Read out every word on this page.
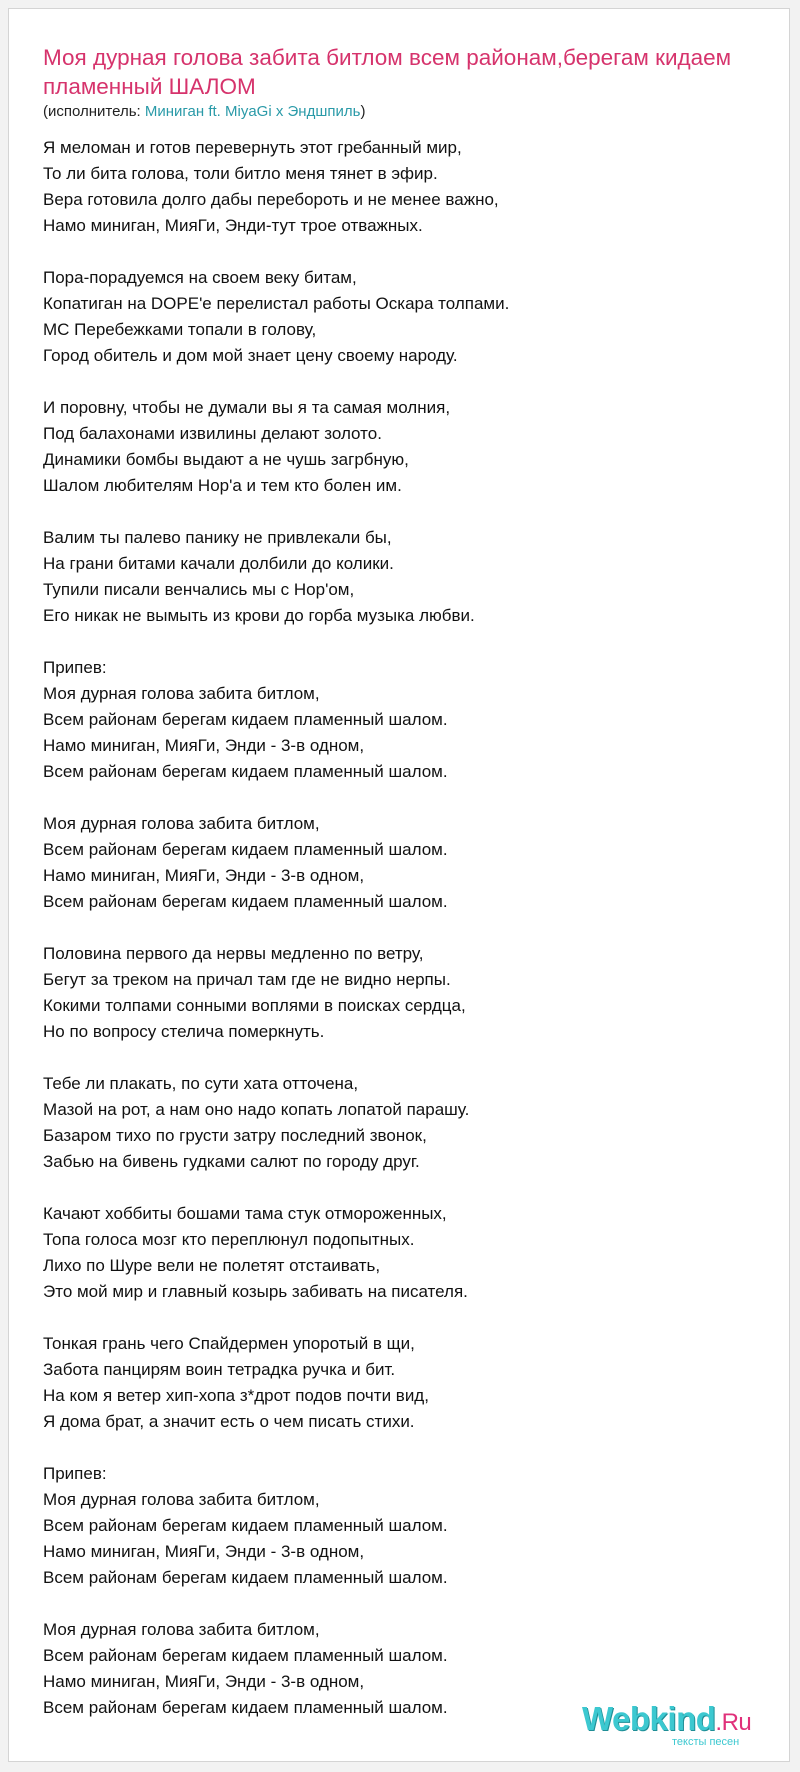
Моя дурная голова забита битлом всем районам,берегам кидаем пламенный ШАЛОМ
(исполнитель: Миниган ft. MiyaGi x Эндшпиль)
Я меломан и готов перевернуть этот гребанный мир,
То ли бита голова, толи битло меня тянет в эфир.
Вера готовила долго дабы перебороть и не менее важно,
Намо миниган, МияГи, Энди-тут трое отважных.
Пора-порадуемся на своем веку битам,
Копатиган на DOPE'е перелистал работы Оскара толпами.
МС Перебежками топали в голову,
Город обитель и дом мой знает цену своему народу.
И поровну, чтобы не думали вы я та самая молния,
Под балахонами извилины делают золото.
Динамики бомбы выдают а не чушь загрбную,
Шалом любителям Нор'а и тем кто болен им.
Валим ты палево панику не привлекали бы,
На грани битами качали долбили до колики.
Тупили писали венчались мы с Нор'ом,
Его никак не вымыть из крови до горба музыка любви.
Припев:
Моя дурная голова забита битлом,
Всем районам берегам кидаем пламенный шалом.
Намо миниган, МияГи, Энди - 3-в одном,
Всем районам берегам кидаем пламенный шалом.
Моя дурная голова забита битлом,
Всем районам берегам кидаем пламенный шалом.
Намо миниган, МияГи, Энди - 3-в одном,
Всем районам берегам кидаем пламенный шалом.
Половина первого да нервы медленно по ветру,
Бегут за треком на причал там где не видно нерпы.
Кокими толпами сонными воплями в поисках сердца,
Но по вопросу стелича померкнуть.
Тебе ли плакать, по сути хата отточена,
Мазой на рот, а нам оно надо копать лопатой парашу.
Базаром тихо по грусти затру последний звонок,
Забью на бивень гудками салют по городу друг.
Качают хоббиты бошами тама стук отмороженных,
Топа голоса мозг кто переплюнул подопытных.
Лихо по Шуре вели не полетят отстаивать,
Это мой мир и главный козырь забивать на писателя.
Тонкая грань чего Спайдермен упоротый в щи,
Забота панцирям воин тетрадка ручка и бит.
На ком я ветер хип-хопа з*дрот подов почти вид,
Я дома брат, а значит есть о чем писать стихи.
Припев:
Моя дурная голова забита битлом,
Всем районам берегам кидаем пламенный шалом.
Намо миниган, МияГи, Энди - 3-в одном,
Всем районам берегам кидаем пламенный шалом.
Моя дурная голова забита битлом,
Всем районам берегам кидаем пламенный шалом.
Намо миниган, МияГи, Энди - 3-в одном,
Всем районам берегам кидаем пламенный шалом.	Webkind.Ru
тексты песен
